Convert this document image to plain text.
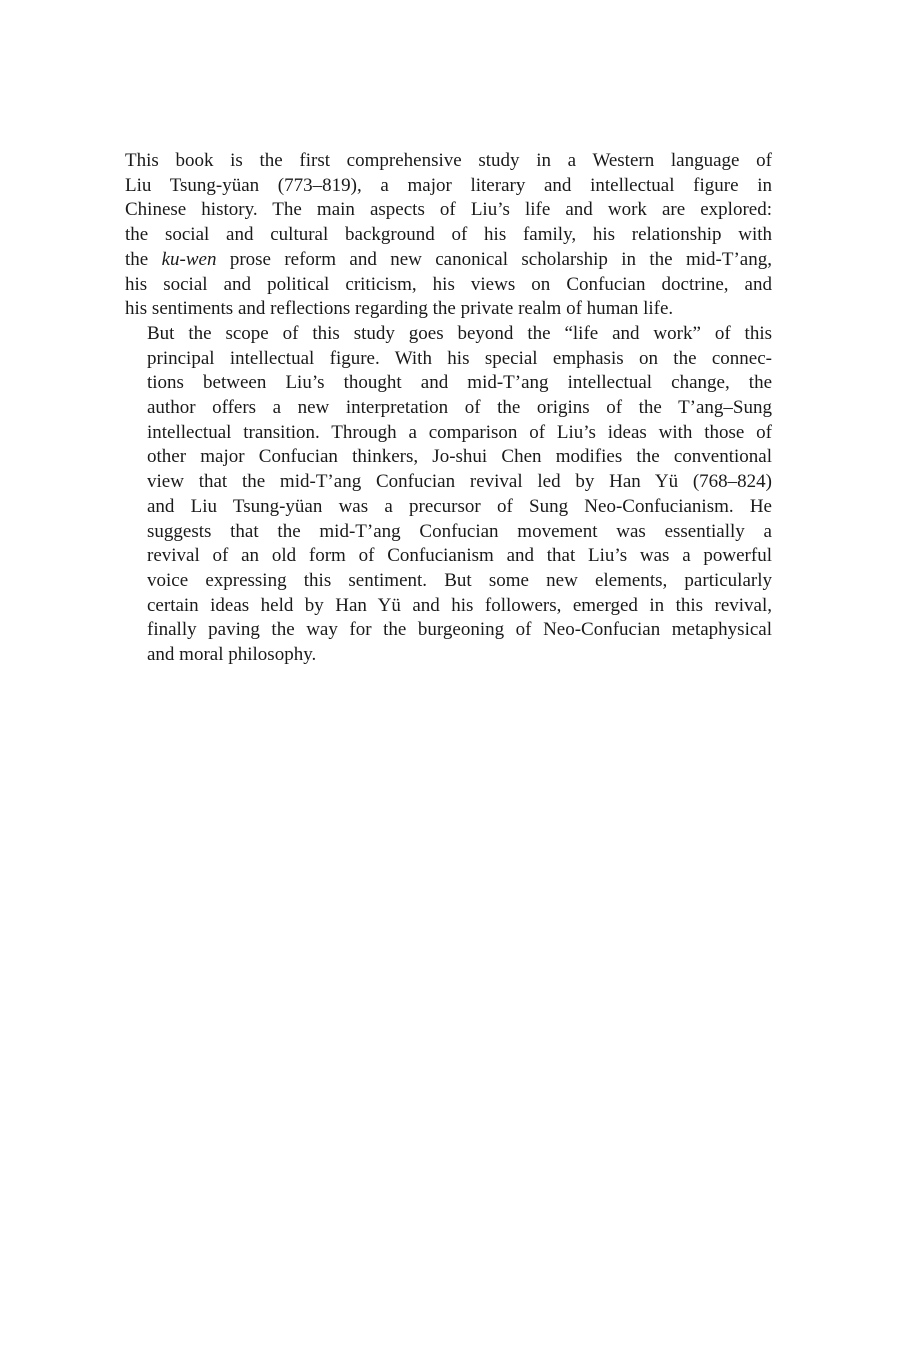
This book is the first comprehensive study in a Western language of
Liu Tsung-yüan (773–819), a major literary and intellectual figure in
Chinese history. The main aspects of Liu’s life and work are explored:
the social and cultural background of his family, his relationship with
the ku-wen prose reform and new canonical scholarship in the mid-T’ang,
his social and political criticism, his views on Confucian doctrine, and
his sentiments and reflections regarding the private realm of human life.

But the scope of this study goes beyond the “life and work” of this
principal intellectual figure. With his special emphasis on the connec-
tions between Liu’s thought and mid-T’ang intellectual change, the
author offers a new interpretation of the origins of the T’ang–Sung
intellectual transition. Through a comparison of Liu’s ideas with those of
other major Confucian thinkers, Jo-shui Chen modifies the conventional
view that the mid-T’ang Confucian revival led by Han Yü (768–824)
and Liu Tsung-yüan was a precursor of Sung Neo-Confucianism. He
suggests that the mid-T’ang Confucian movement was essentially a
revival of an old form of Confucianism and that Liu’s was a powerful
voice expressing this sentiment. But some new elements, particularly
certain ideas held by Han Yü and his followers, emerged in this revival,
finally paving the way for the burgeoning of Neo-Confucian metaphysical
and moral philosophy.
